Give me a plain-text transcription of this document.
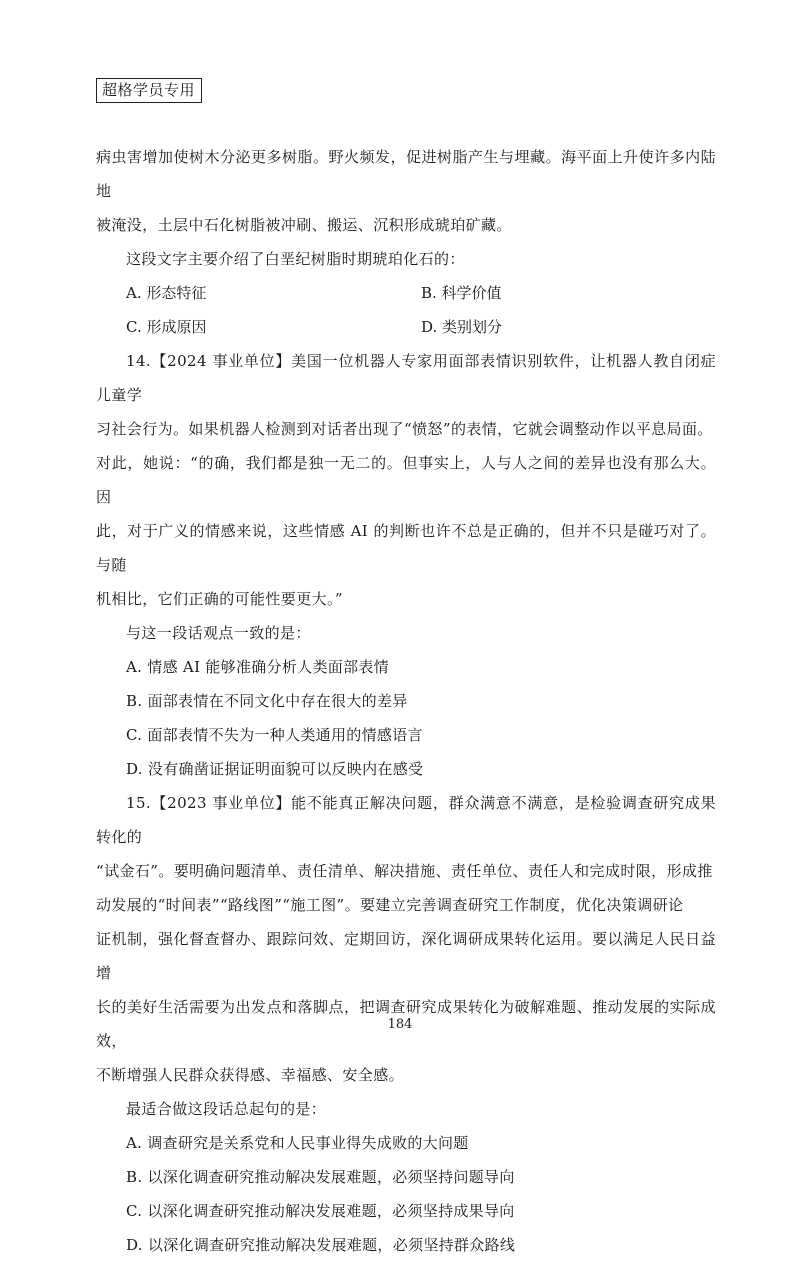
超格学员专用

病虫害增加使树木分泌更多树脂。野火频发，促进树脂产生与埋藏。海平面上升使许多内陆地

被淹没，土层中石化树脂被冲刷、搬运、沉积形成琥珀矿藏。

这段文字主要介绍了白垩纪树脂时期琥珀化石的：

A. 形态特征	B. 科学价值
C. 形成原因	D. 类别划分

14.【2024 事业单位】美国一位机器人专家用面部表情识别软件，让机器人教自闭症儿童学

习社会行为。如果机器人检测到对话者出现了“愤怒”的表情，它就会调整动作以平息局面。

对此，她说：“的确，我们都是独一无二的。但事实上，人与人之间的差异也没有那么大。因

此，对于广义的情感来说，这些情感 AI 的判断也许不总是正确的，但并不只是碰巧对了。与随

机相比，它们正确的可能性要更大。”

与这一段话观点一致的是：

A. 情感 AI 能够准确分析人类面部表情
B. 面部表情在不同文化中存在很大的差异
C. 面部表情不失为一种人类通用的情感语言
D. 没有确凿证据证明面貌可以反映内在感受

15.【2023 事业单位】能不能真正解决问题，群众满意不满意，是检验调查研究成果转化的

“试金石”。要明确问题清单、责任清单、解决措施、责任单位、责任人和完成时限，形成推

动发展的“时间表”“路线图”“施工图”。要建立完善调查研究工作制度，优化决策调研论

证机制，强化督查督办、跟踪问效、定期回访，深化调研成果转化运用。要以满足人民日益增

长的美好生活需要为出发点和落脚点，把调查研究成果转化为破解难题、推动发展的实际成效，

不断增强人民群众获得感、幸福感、安全感。

最适合做这段话总起句的是：

A. 调查研究是关系党和人民事业得失成败的大问题
B. 以深化调查研究推动解决发展难题，必须坚持问题导向
C. 以深化调查研究推动解决发展难题，必须坚持成果导向
D. 以深化调查研究推动解决发展难题，必须坚持群众路线
184
